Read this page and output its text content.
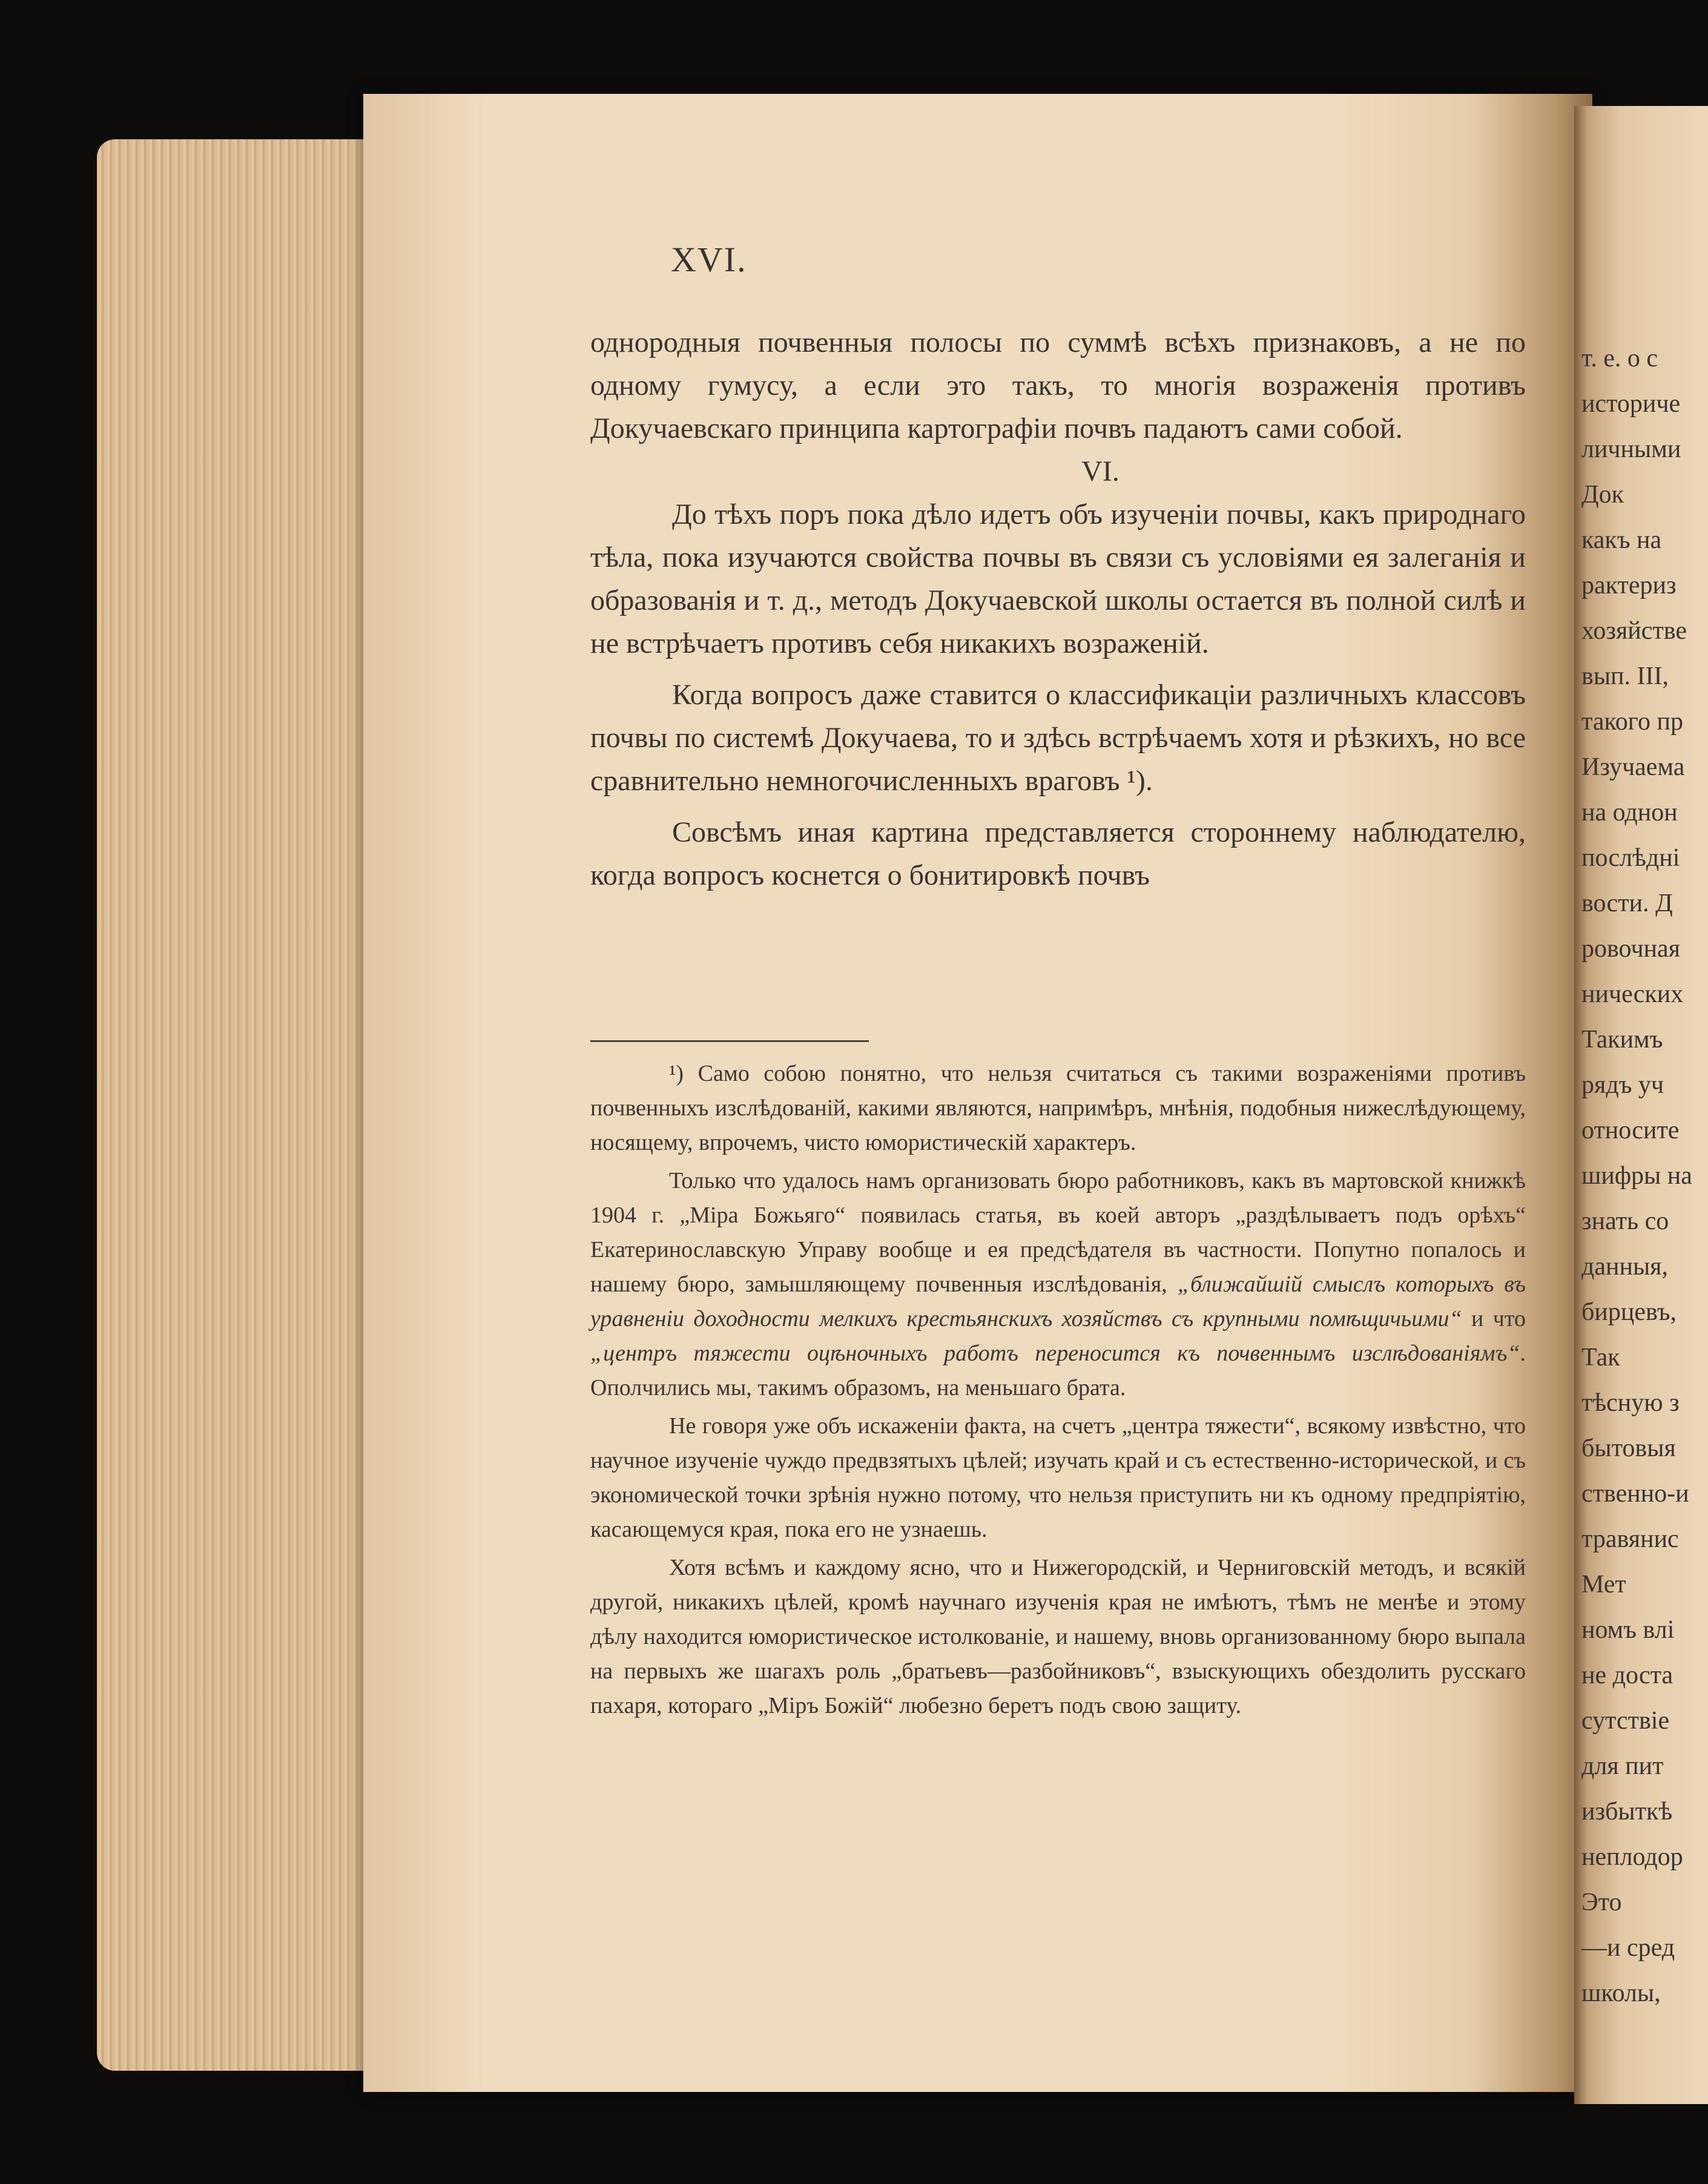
XVI.

однородныя почвенныя полосы по суммѣ всѣхъ признаковъ, а не по одному гумусу, а если это такъ, то многія возраженія противъ Докучаевскаго принципа картографіи почвъ падаютъ сами собой.

VI.

До тѣхъ поръ пока дѣло идетъ объ изученіи почвы, какъ природнаго тѣла, пока изучаются свойства почвы въ связи съ условіями ея залеганія и образованія и т. д., методъ Докучаевской школы остается въ полной силѣ и не встрѣчаетъ противъ себя никакихъ возраженій.

Когда вопросъ даже ставится о классификаціи различныхъ классовъ почвы по системѣ Докучаева, то и здѣсь встрѣчаемъ хотя и рѣзкихъ, но все сравнительно немногочисленныхъ враговъ ¹).

Совсѣмъ иная картина представляется стороннему наблюдателю, когда вопросъ коснется о бонитировкѣ почвъ

¹) Само собою понятно, что нельзя считаться съ такими возраженіями противъ почвенныхъ изслѣдованій, какими являются, напримѣръ, мнѣнія, подобныя нижеслѣдующему, носящему, впрочемъ, чисто юмористическій характеръ.

Только что удалось намъ организовать бюро работниковъ, какъ въ мартовской книжкѣ 1904 г. „Міра Божьяго“ появилась статья, въ коей авторъ „раздѣлываетъ подъ орѣхъ“ Екатеринославскую Управу вообще и ея предсѣдателя въ частности. Попутно попалось и нашему бюро, замышляющему почвенныя изслѣдованія, „ближайшій смыслъ которыхъ въ уравненіи доходности мелкихъ крестьянскихъ хозяйствъ съ крупными помѣщичьими“ и что „центръ тяжести оцѣночныхъ работъ переносится къ почвеннымъ изслѣдованіямъ“. Ополчились мы, такимъ образомъ, на меньшаго брата.

Не говоря уже объ искаженіи факта, на счетъ „центра тяжести“, всякому извѣстно, что научное изученіе чуждо предвзятыхъ цѣлей; изучать край и съ естественно-исторической, и съ экономической точки зрѣнія нужно потому, что нельзя приступить ни къ одному предпріятію, касающемуся края, пока его не узнаешь.

Хотя всѣмъ и каждому ясно, что и Нижегородскій, и Черниговскій методъ, и всякій другой, никакихъ цѣлей, кромѣ научнаго изученія края не имѣютъ, тѣмъ не менѣе и этому дѣлу находится юмористическое истолкованіе, и нашему, вновь организованному бюро выпала на первыхъ же шагахъ роль „братьевъ—разбойниковъ“, взыскующихъ обездолить русскаго пахаря, котораго „Міръ Божій“ любезно беретъ подъ свою защиту.

т. е. о с
историче
личными
Док
какъ на
рактериз
хозяйстве
вып. III,
такого пр
Изучаема
на однон
послѣдні
вости. Д
ровочная
нических
Такимъ
рядъ уч
относите
шифры на
знать со
данныя,
бирцевъ,
Так
тѣсную з
бытовыя
ственно-и
травянис
Мет
номъ влі
не доста
сутствіе
для пит
избыткѣ
неплодор
Это
—и сред
школы,
